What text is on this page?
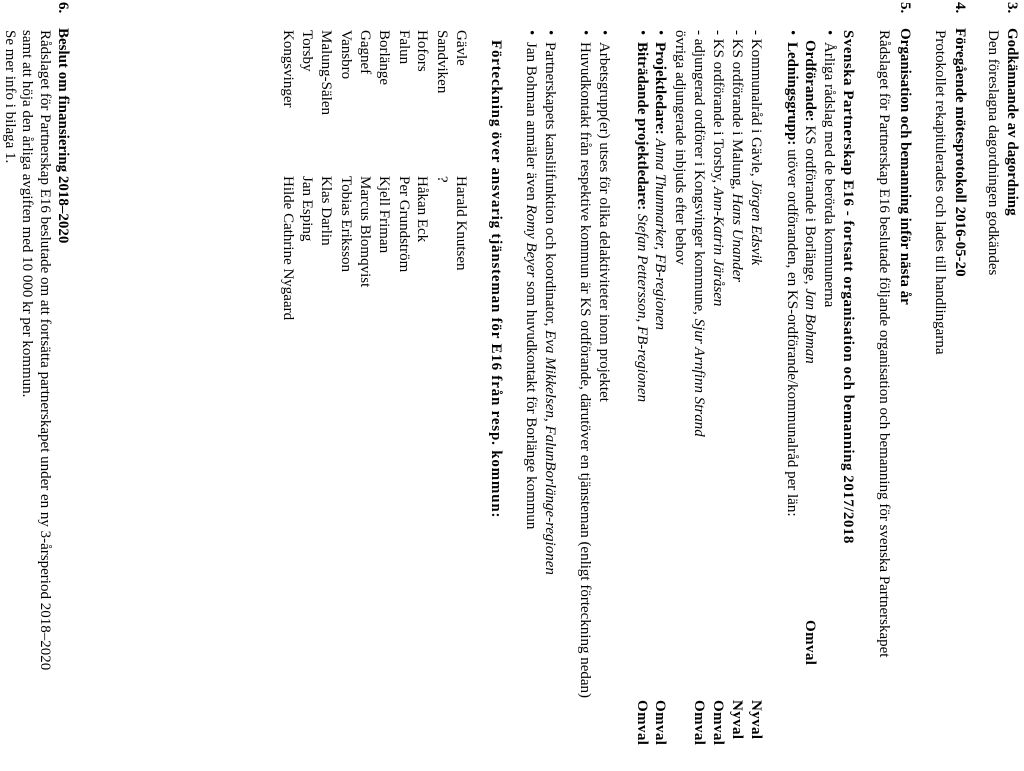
3.
Godkännande av dagordning
Den föreslagna dagordningen godkändes
4.
Föregående mötesprotokoll 2016-05-20
Protokollet rekapitulerades och lades till handlingarna
5.
Organisation och bemanning inför nästa år
Rådslaget för Partnerskap E16 beslutade följande organisation och bemanning för svenska Partnerskapet
Svenska Partnerskap E16 - fortsatt organisation och bemanning 2017/2018
•Årliga rådslag med de berörda kommunerna
Ordförande: KS ordförande i Borlänge, Jan Bohman
Omval
•Ledningsgrupp: utöver ordföranden, en KS-ordförande/kommunalråd per län:
- Kommunalråd i Gävle, Jörgen Edsvik
Nyval
- KS ordförande i Malung, Hans Unander
Nyval
- KS ordförande i Torsby, Ann-Katrin Järåsen
Omval
- adjungerad ordförer i Kongsvinger kommune, Sjur Arnfinn Strand
Omval
övriga adjungerade inbjuds efter behov
•Projektledare: Anna Thunmarker, FB-regionen
Omval
•Biträdande projektledare: Stefan Pettersson, FB-regionen
Omval
•Arbetsgrupp(er) utses för olika delaktiviteter inom projektet
•Huvudkontakt från respektive kommun är KS ordförande, därutöver en tjänsteman (enligt förteckning nedan)
•Partnerskapets kansliifunktion och koordinator, Eva Mikkelsen, FalunBorlänge-regionen
•Jan Bohman anmäler även Romy Beyer som huvudkontakt för Borlänge kommun
Förteckning över ansvarig tjänsteman för E16 från resp. kommun:
Gävle
Harald Knutsen
Sandviken
?
Hofors
Håkan Eck
Falun
Per Grundström
Borlänge
Kjell Friman
Gagnef
Marcus Blomqvist
Vansbro
Tobias Eriksson
Malung-Sälen
Klas Darlin
Torsby
Jan Esping
Kongsvinger
Hilde Cathrine Nygaard
6.
Beslut om finansiering 2018–2020
Rådslaget för Partnerskap E16 beslutade om att fortsätta partnerskapet under en ny 3-årsperiod 2018–2020
samt att höja den årliga avgiften med 10 000 kr per kommun.
Se mer info i bilaga 1.
